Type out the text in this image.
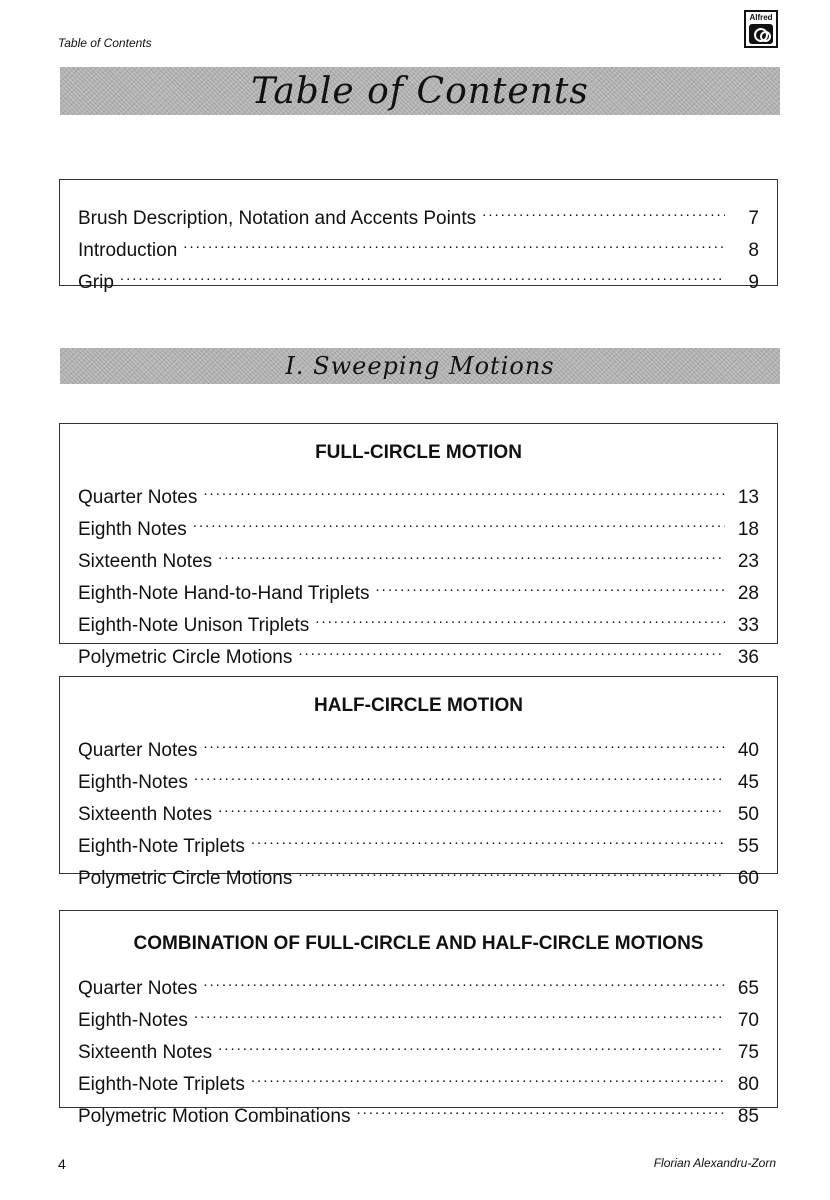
Table of Contents
Alfred
Table of Contents
Brush Description, Notation and Accents Points .....	7
Introduction .....	8
Grip .....	9
I. Sweeping Motions
FULL-CIRCLE MOTION
Quarter Notes .....	13
Eighth Notes .....	18
Sixteenth Notes .....	23
Eighth-Note Hand-to-Hand Triplets .....	28
Eighth-Note Unison Triplets .....	33
Polymetric Circle Motions .....	36
HALF-CIRCLE MOTION
Quarter Notes .....	40
Eighth-Notes .....	45
Sixteenth Notes .....	50
Eighth-Note Triplets .....	55
Polymetric Circle Motions .....	60
COMBINATION OF FULL-CIRCLE AND HALF-CIRCLE MOTIONS
Quarter Notes .....	65
Eighth-Notes .....	70
Sixteenth Notes .....	75
Eighth-Note Triplets .....	80
Polymetric Motion Combinations .....	85
4	Florian Alexandru-Zorn
